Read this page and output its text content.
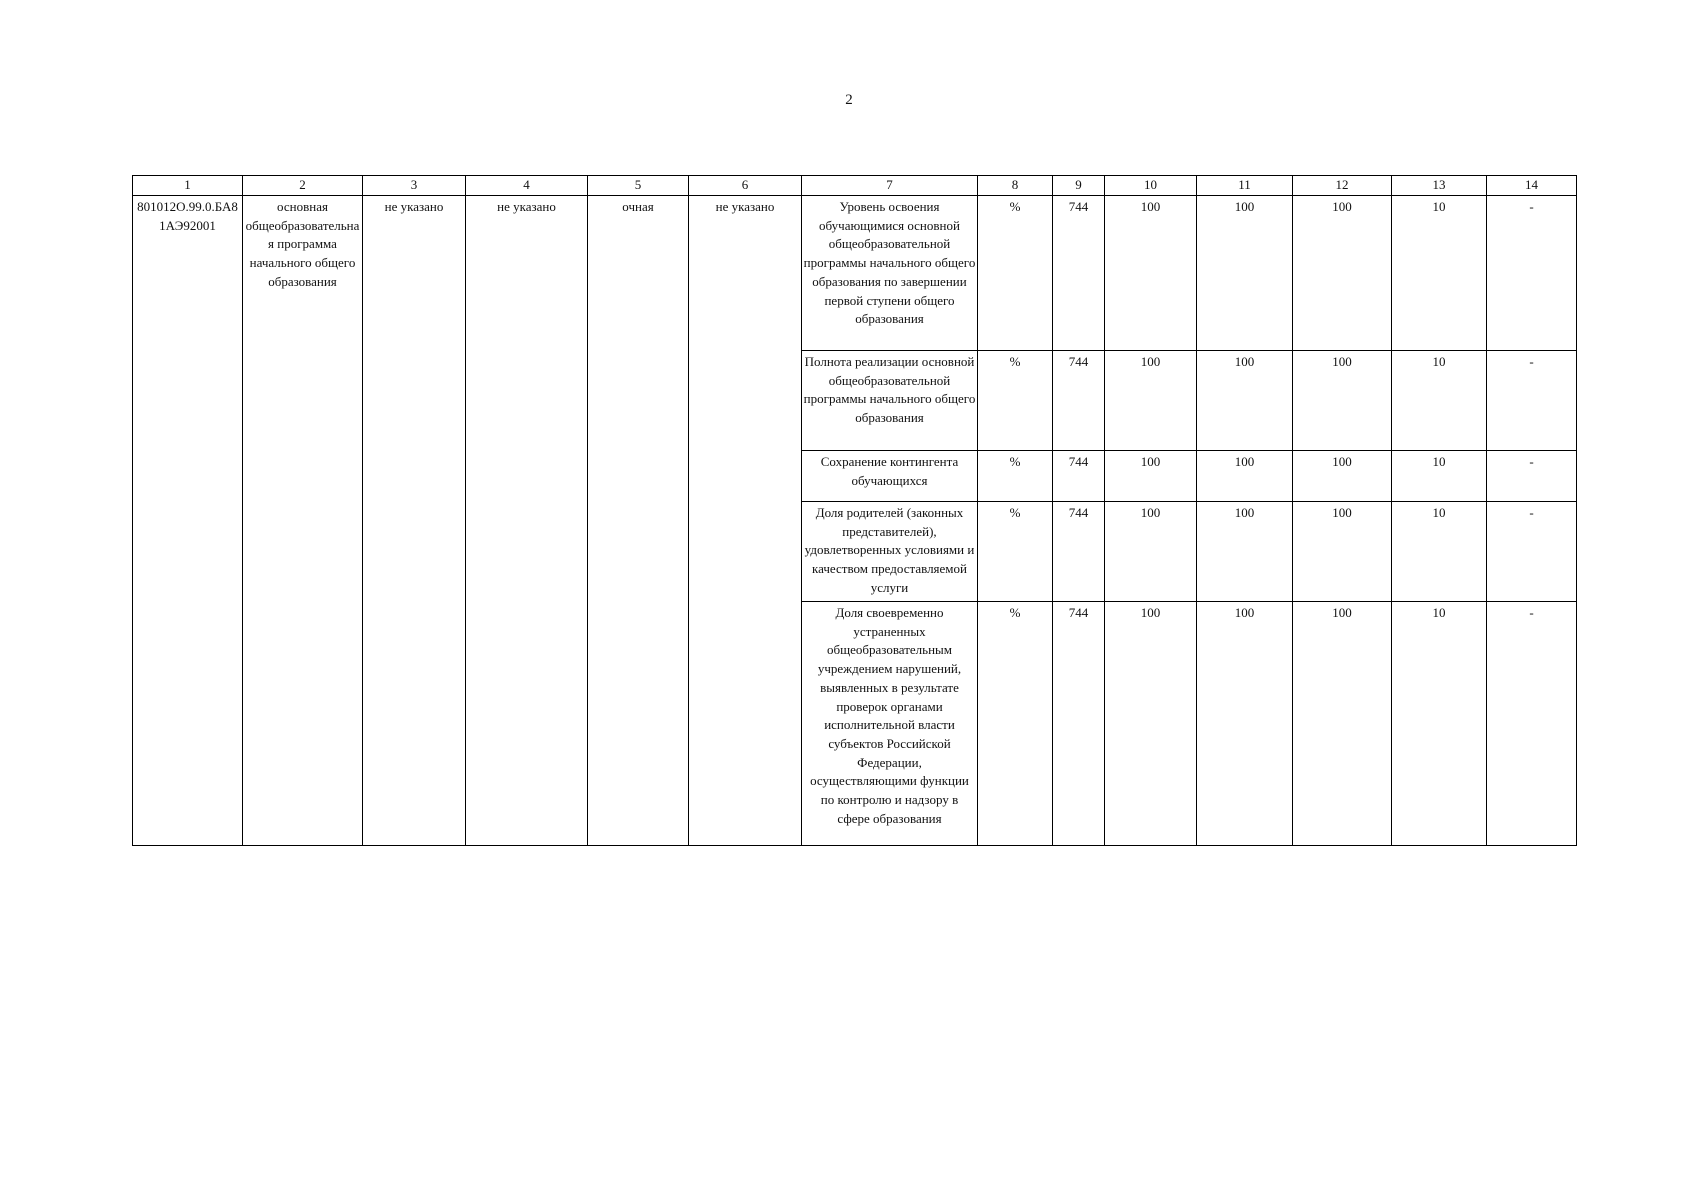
2
1	2	3	4	5	6	7	8	9	10	11	12	13	14
801012О.99.0.БА81АЭ92001	основная общеобразовательная программа начального общего образования	не указано	не указано	очная	не указано	Уровень освоения обучающимися основной общеобразовательной программы начального общего образования по завершении первой ступени общего образования	%	744	100	100	100	10	-
						Полнота реализации основной общеобразовательной программы начального общего образования	%	744	100	100	100	10	-
						Сохранение контингента обучающихся	%	744	100	100	100	10	-
						Доля родителей (законных представителей), удовлетворенных условиями и качеством предоставляемой услуги	%	744	100	100	100	10	-
						Доля своевременно устраненных общеобразовательным учреждением нарушений, выявленных в результате проверок органами исполнительной власти субъектов Российской Федерации, осуществляющими функции по контролю и надзору в сфере образования	%	744	100	100	100	10	-
